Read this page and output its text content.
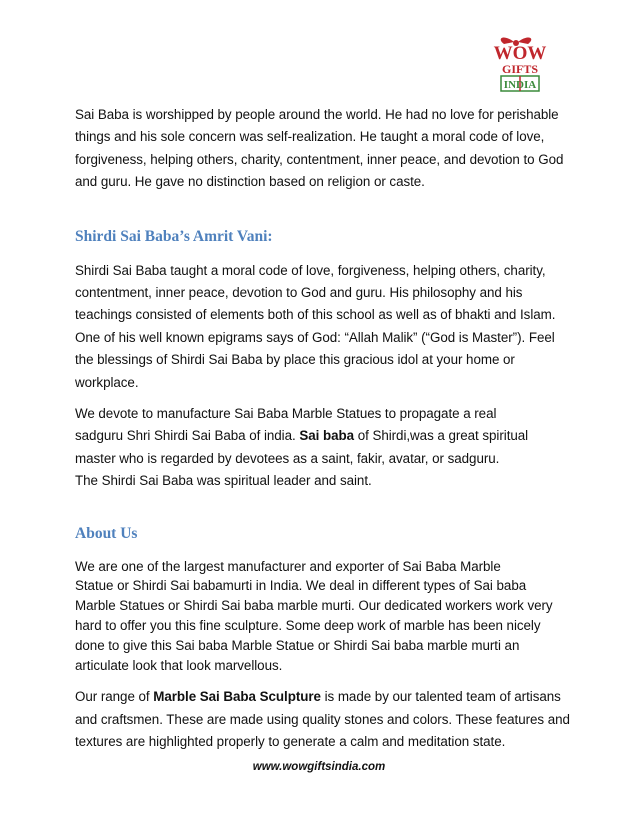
WOW
GIFTS
INDIA

Sai Baba is worshipped by people around the world. He had no love for perishable things and his sole concern was self-realization. He taught a moral code of love, forgiveness, helping others, charity, contentment, inner peace, and devotion to God and guru. He gave no distinction based on religion or caste.

Shirdi Sai Baba’s Amrit Vani:

Shirdi Sai Baba taught a moral code of love, forgiveness, helping others, charity, contentment, inner peace, devotion to God and guru. His philosophy and his teachings consisted of elements both of this school as well as of bhakti and Islam. One of his well known epigrams says of God: “Allah Malik” (“God is Master”). Feel the blessings of Shirdi Sai Baba by place this gracious idol at your home or workplace.

We devote to manufacture Sai Baba Marble Statues to propagate a real
sadguru Shri Shirdi Sai Baba of india. Sai baba of Shirdi,was a great spiritual
master who is regarded by devotees as a saint, fakir, avatar, or sadguru.
The Shirdi Sai Baba was spiritual leader and saint.

About Us

We are one of the largest manufacturer and exporter of Sai Baba Marble
Statue or Shirdi Sai babamurti in India. We deal in different types of Sai baba
Marble Statues or Shirdi Sai baba marble murti. Our dedicated workers work very
hard to offer you this fine sculpture. Some deep work of marble has been nicely
done to give this Sai baba Marble Statue or Shirdi Sai baba marble murti an
articulate look that look marvellous.

Our range of Marble Sai Baba Sculpture is made by our talented team of artisans and craftsmen. These are made using quality stones and colors. These features and textures are highlighted properly to generate a calm and meditation state.

www.wowgiftsindia.com
